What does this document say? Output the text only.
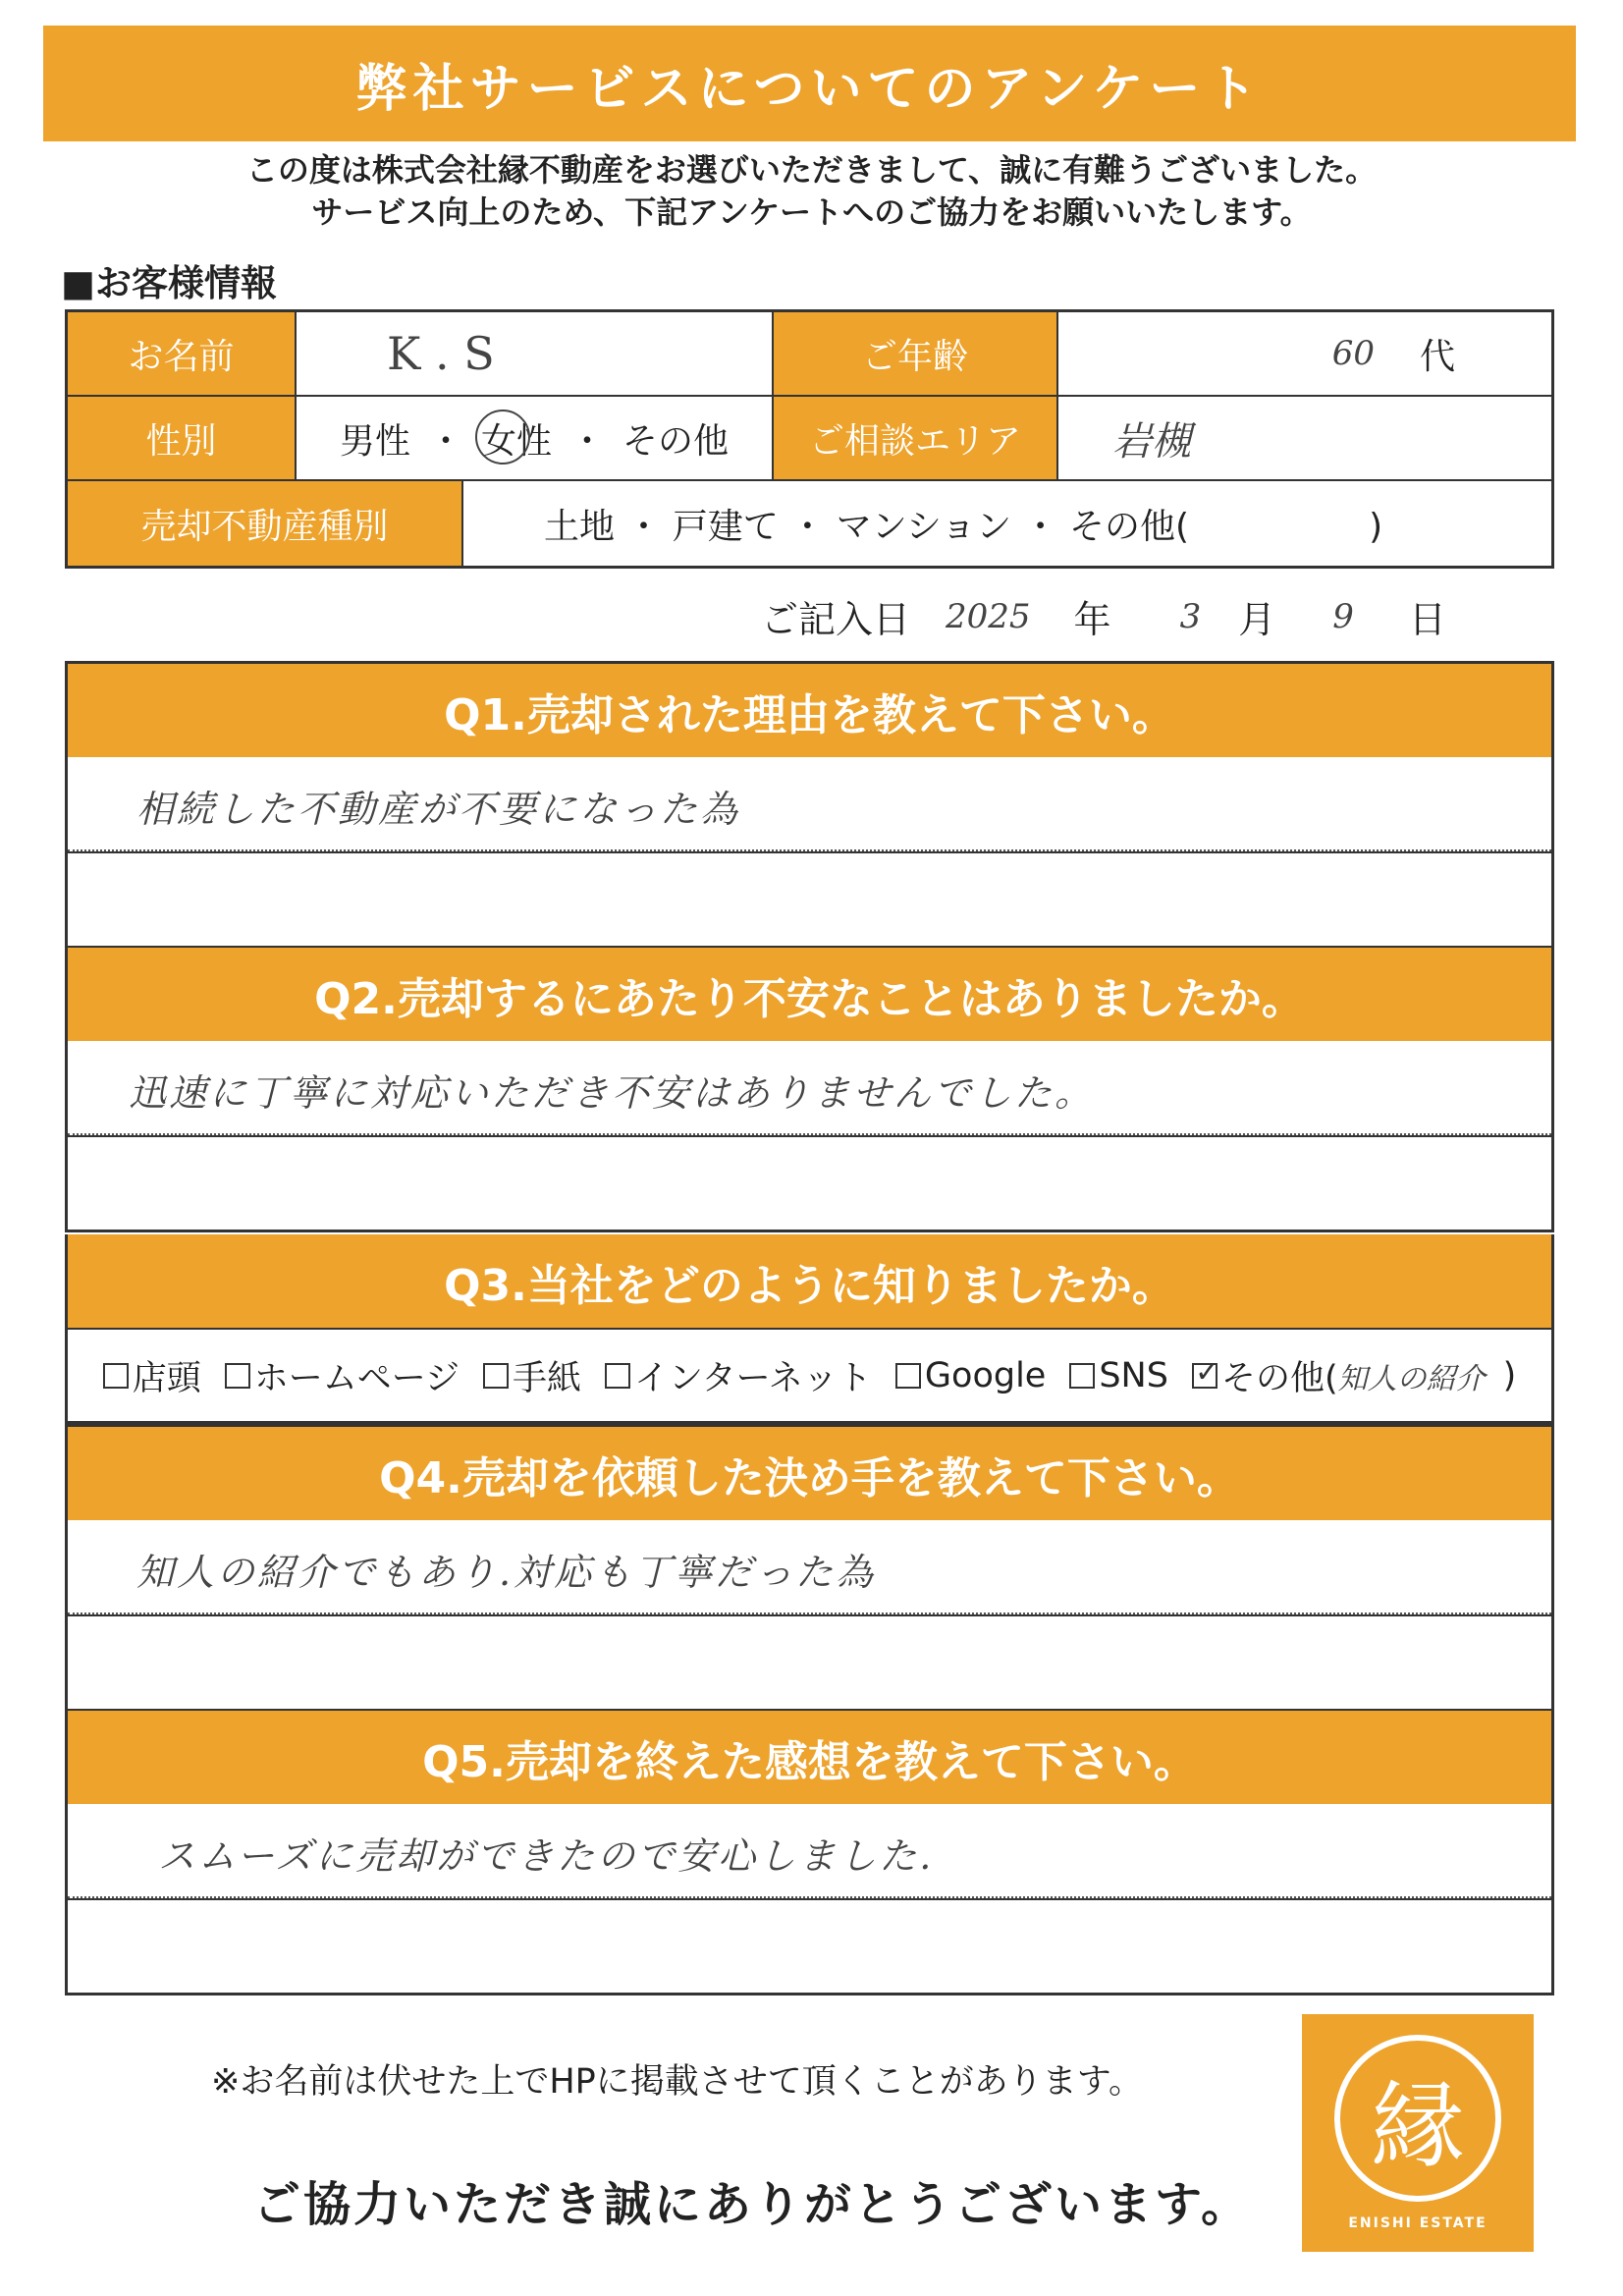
弊社サービスについてのアンケート
この度は株式会社縁不動産をお選びいただきまして、誠に有難うございました。
サービス向上のため、下記アンケートへのご協力をお願いいたします。
■お客様情報
お名前	K . S	ご年齢	60 代
性別	男性 ・ 女性 ・ その他	ご相談エリア	岩槻
売却不動産種別	土地 ・ 戸建て ・ マンション ・ その他(                )
ご記入日 2025 年 3 月 9 日
Q1.売却された理由を教えて下さい。
相続した不動産が不要になった為
Q2.売却するにあたり不安なことはありましたか。
迅速に丁寧に対応いただき不安はありませんでした。
Q3.当社をどのように知りましたか。
店頭 ホームページ 手紙 インターネット Google SNS ✓ その他( 知人の紹介 )
Q4.売却を依頼した決め手を教えて下さい。
知人の紹介でもあり.対応も丁寧だった為
Q5.売却を終えた感想を教えて下さい。
スムーズに売却ができたので安心しました.
※お名前は伏せた上でHPに掲載させて頂くことがあります。
ご協力いただき誠にありがとうございます。
縁
ENISHI ESTATE
